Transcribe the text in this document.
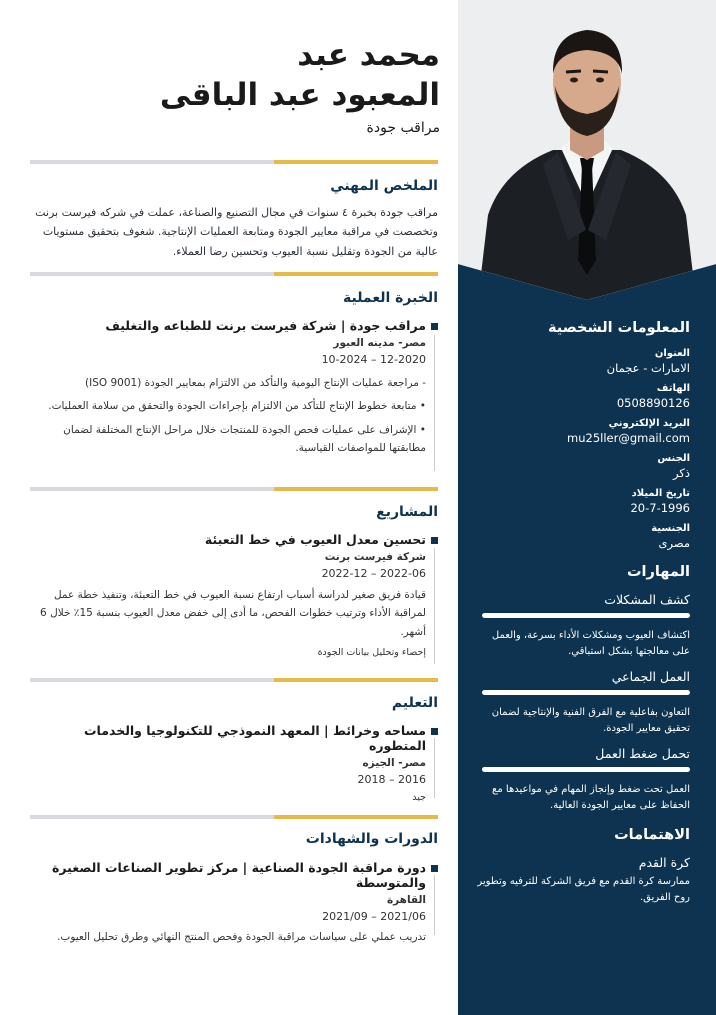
محمد عبد
المعبود عبد الباقى
مراقب جودة
الملخص المهني
مراقب جودة بخبرة ٤ سنوات في مجال التصنيع والصناعة، عملت في شركه فيرست برنت وتخصصت في مراقبة معايير الجودة ومتابعة العمليات الإنتاجية. شغوف بتحقيق مستويات عالية من الجودة وتقليل نسبة العيوب وتحسين رضا العملاء.
الخبرة العملية
مراقب جودة | شركة فيرست برنت للطباعه والتغليف
مصر- مدينه العبور
12-2020 – 10-2024
- مراجعة عمليات الإنتاج اليومية والتأكد من الالتزام بمعايير الجودة (ISO 9001)
• متابعة خطوط الإنتاج للتأكد من الالتزام بإجراءات الجودة والتحقق من سلامة العمليات.
• الإشراف على عمليات فحص الجودة للمنتجات خلال مراحل الإنتاج المختلفة لضمان مطابقتها للمواصفات القياسية.
المشاريع
تحسين معدل العيوب في خط التعبئة
شركة فيرست برنت
2022-06 – 2022-12
قيادة فريق صغير لدراسة أسباب ارتفاع نسبة العيوب في خط التعبئة، وتنفيذ خطة عمل لمراقبة الأداء وترتيب خطوات الفحص، ما أدى إلى خفض معدل العيوب بنسبة 15٪ خلال 6 أشهر.
إحصاء وتحليل بيانات الجودة
التعليم
مساحه وخرائط | المعهد النموذجي للتكنولوجيا والخدمات المتطوره
مصر- الجيزه
2016 – 2018
جيد
الدورات والشهادات
دورة مراقبة الجودة الصناعية | مركز تطوير الصناعات الصغيرة والمتوسطة
القاهرة
2021/06 – 2021/09
تدريب عملي على سياسات مراقبة الجودة وفحص المنتج النهائي وطرق تحليل العيوب.
المعلومات الشخصية
العنوان
الامارات - عجمان
الهاتف
0508890126
البريد الإلكتروني
mu25ller@gmail.com
الجنس
ذكر
تاريخ الميلاد
20-7-1996
الجنسية
مصرى
المهارات
كشف المشكلات
اكتشاف العيوب ومشكلات الأداء بسرعة، والعمل على معالجتها بشكل استباقي.
العمل الجماعي
التعاون بفاعلية مع الفرق الفنية والإنتاجية لضمان تحقيق معايير الجودة.
تحمل ضغط العمل
العمل تحت ضغط وإنجاز المهام في مواعيدها مع الحفاظ على معايير الجودة العالية.
الاهتمامات
كرة القدم
ممارسة كرة القدم مع فريق الشركة للترفيه وتطوير روح الفريق.
